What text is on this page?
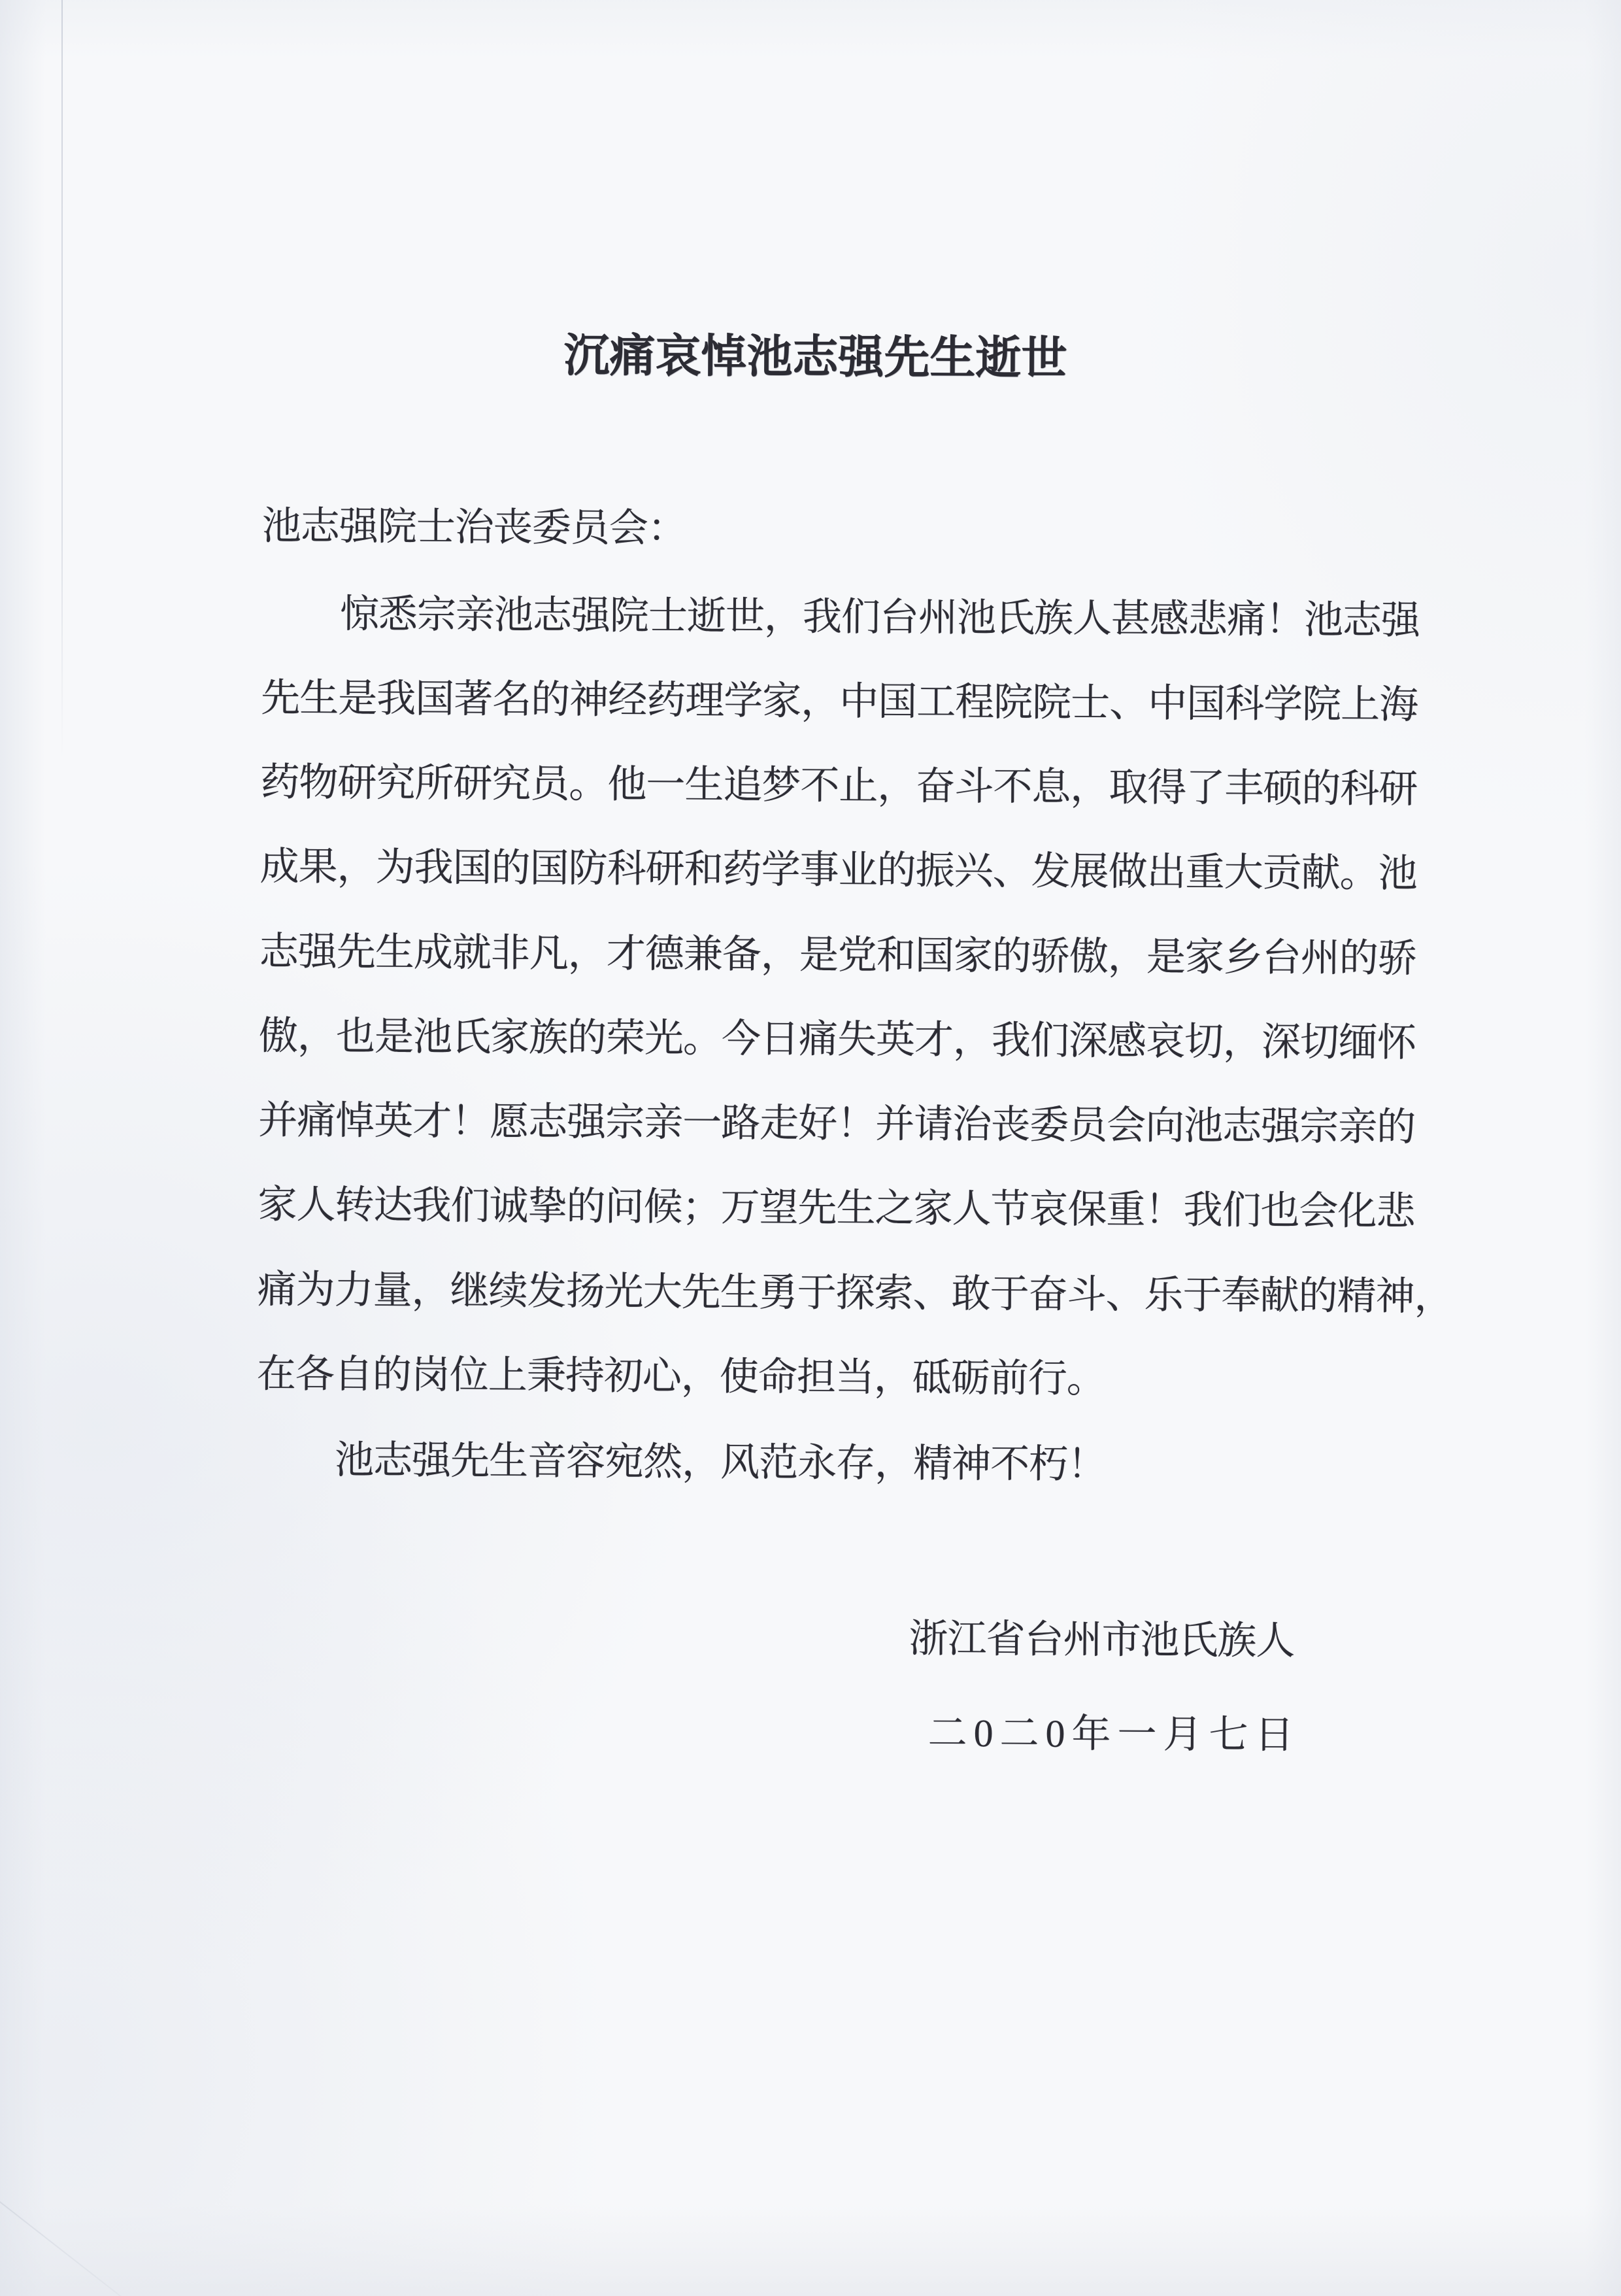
沉痛哀悼池志强先生逝世
池志强院士治丧委员会：
惊悉宗亲池志强院士逝世，我们台州池氏族人甚感悲痛！池志强
先生是我国著名的神经药理学家，中国工程院院士、中国科学院上海
药物研究所研究员。他一生追梦不止，奋斗不息，取得了丰硕的科研
成果，为我国的国防科研和药学事业的振兴、发展做出重大贡献。池
志强先生成就非凡，才德兼备，是党和国家的骄傲，是家乡台州的骄
傲，也是池氏家族的荣光。今日痛失英才，我们深感哀切，深切缅怀
并痛悼英才！愿志强宗亲一路走好！并请治丧委员会向池志强宗亲的
家人转达我们诚挚的问候；万望先生之家人节哀保重！我们也会化悲
痛为力量，继续发扬光大先生勇于探索、敢于奋斗、乐于奉献的精神，
在各自的岗位上秉持初心，使命担当，砥砺前行。
池志强先生音容宛然，风范永存，精神不朽！
浙江省台州市池氏族人
二0二0年一月七日
